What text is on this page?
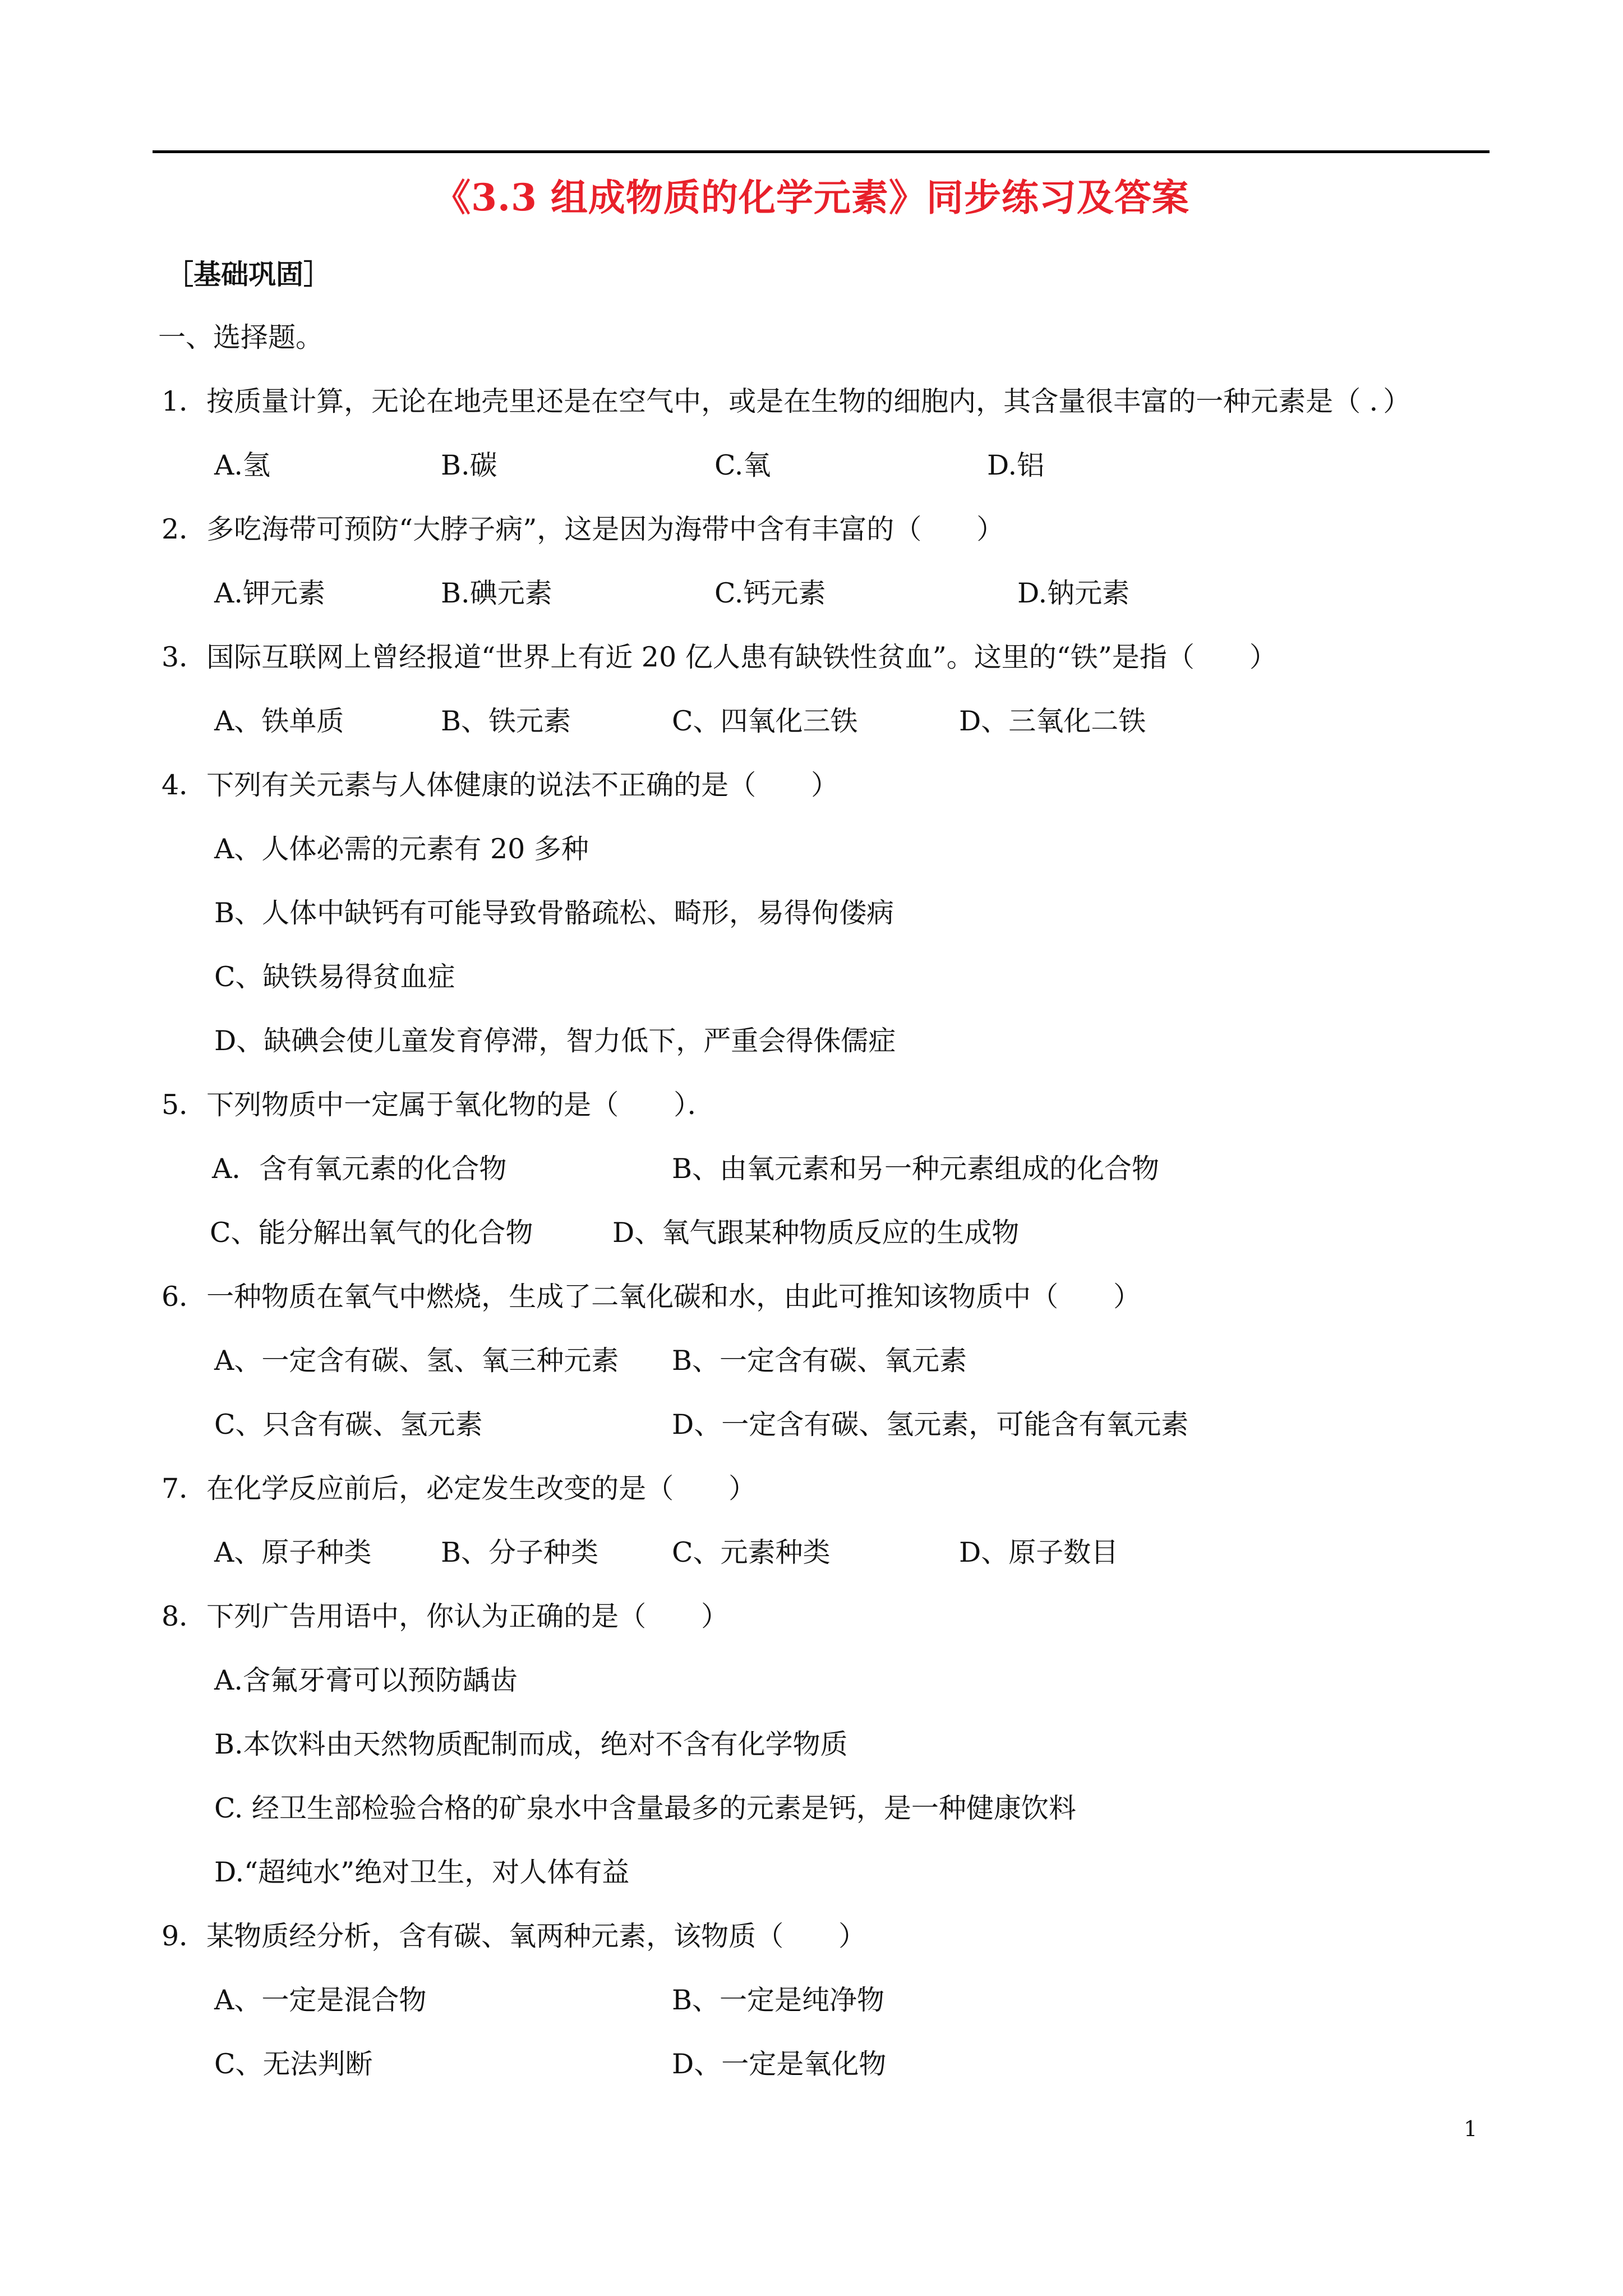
《3.3 组成物质的化学元素》同步练习及答案
［基础巩固］
一、选择题。
1．按质量计算，无论在地壳里还是在空气中，或是在生物的细胞内，其含量很丰富的一种元素是（ ．）
A.氢	B.碳	C.氧	D.铝
2．多吃海带可预防“大脖子病”，这是因为海带中含有丰富的（　　）
A.钾元素	B.碘元素	C.钙元素	D.钠元素
3．国际互联网上曾经报道“世界上有近 20 亿人患有缺铁性贫血”。这里的“铁”是指（　　）
A、铁单质	B、铁元素	C、四氧化三铁	D、三氧化二铁
4．下列有关元素与人体健康的说法不正确的是（　　）
A、人体必需的元素有 20 多种
B、人体中缺钙有可能导致骨骼疏松、畸形，易得佝偻病
C、缺铁易得贫血症
D、缺碘会使儿童发育停滞，智力低下，严重会得侏儒症
5．下列物质中一定属于氧化物的是（　　）．
A．含有氧元素的化合物	B、由氧元素和另一种元素组成的化合物
C、能分解出氧气的化合物	D、氧气跟某种物质反应的生成物
6．一种物质在氧气中燃烧，生成了二氧化碳和水，由此可推知该物质中（　　）
A、一定含有碳、氢、氧三种元素 B、一定含有碳、氧元素
C、只含有碳、氢元素	D、一定含有碳、氢元素，可能含有氧元素
7．在化学反应前后，必定发生改变的是（　　）
A、原子种类	B、分子种类	C、元素种类	D、原子数目
8．下列广告用语中，你认为正确的是（　　）
A.含氟牙膏可以预防龋齿
B.本饮料由天然物质配制而成，绝对不含有化学物质
C. 经卫生部检验合格的矿泉水中含量最多的元素是钙，是一种健康饮料
D.“超纯水”绝对卫生，对人体有益
9．某物质经分析，含有碳、氧两种元素，该物质（　　）
A、一定是混合物	B、一定是纯净物
C、无法判断	D、一定是氧化物
1
